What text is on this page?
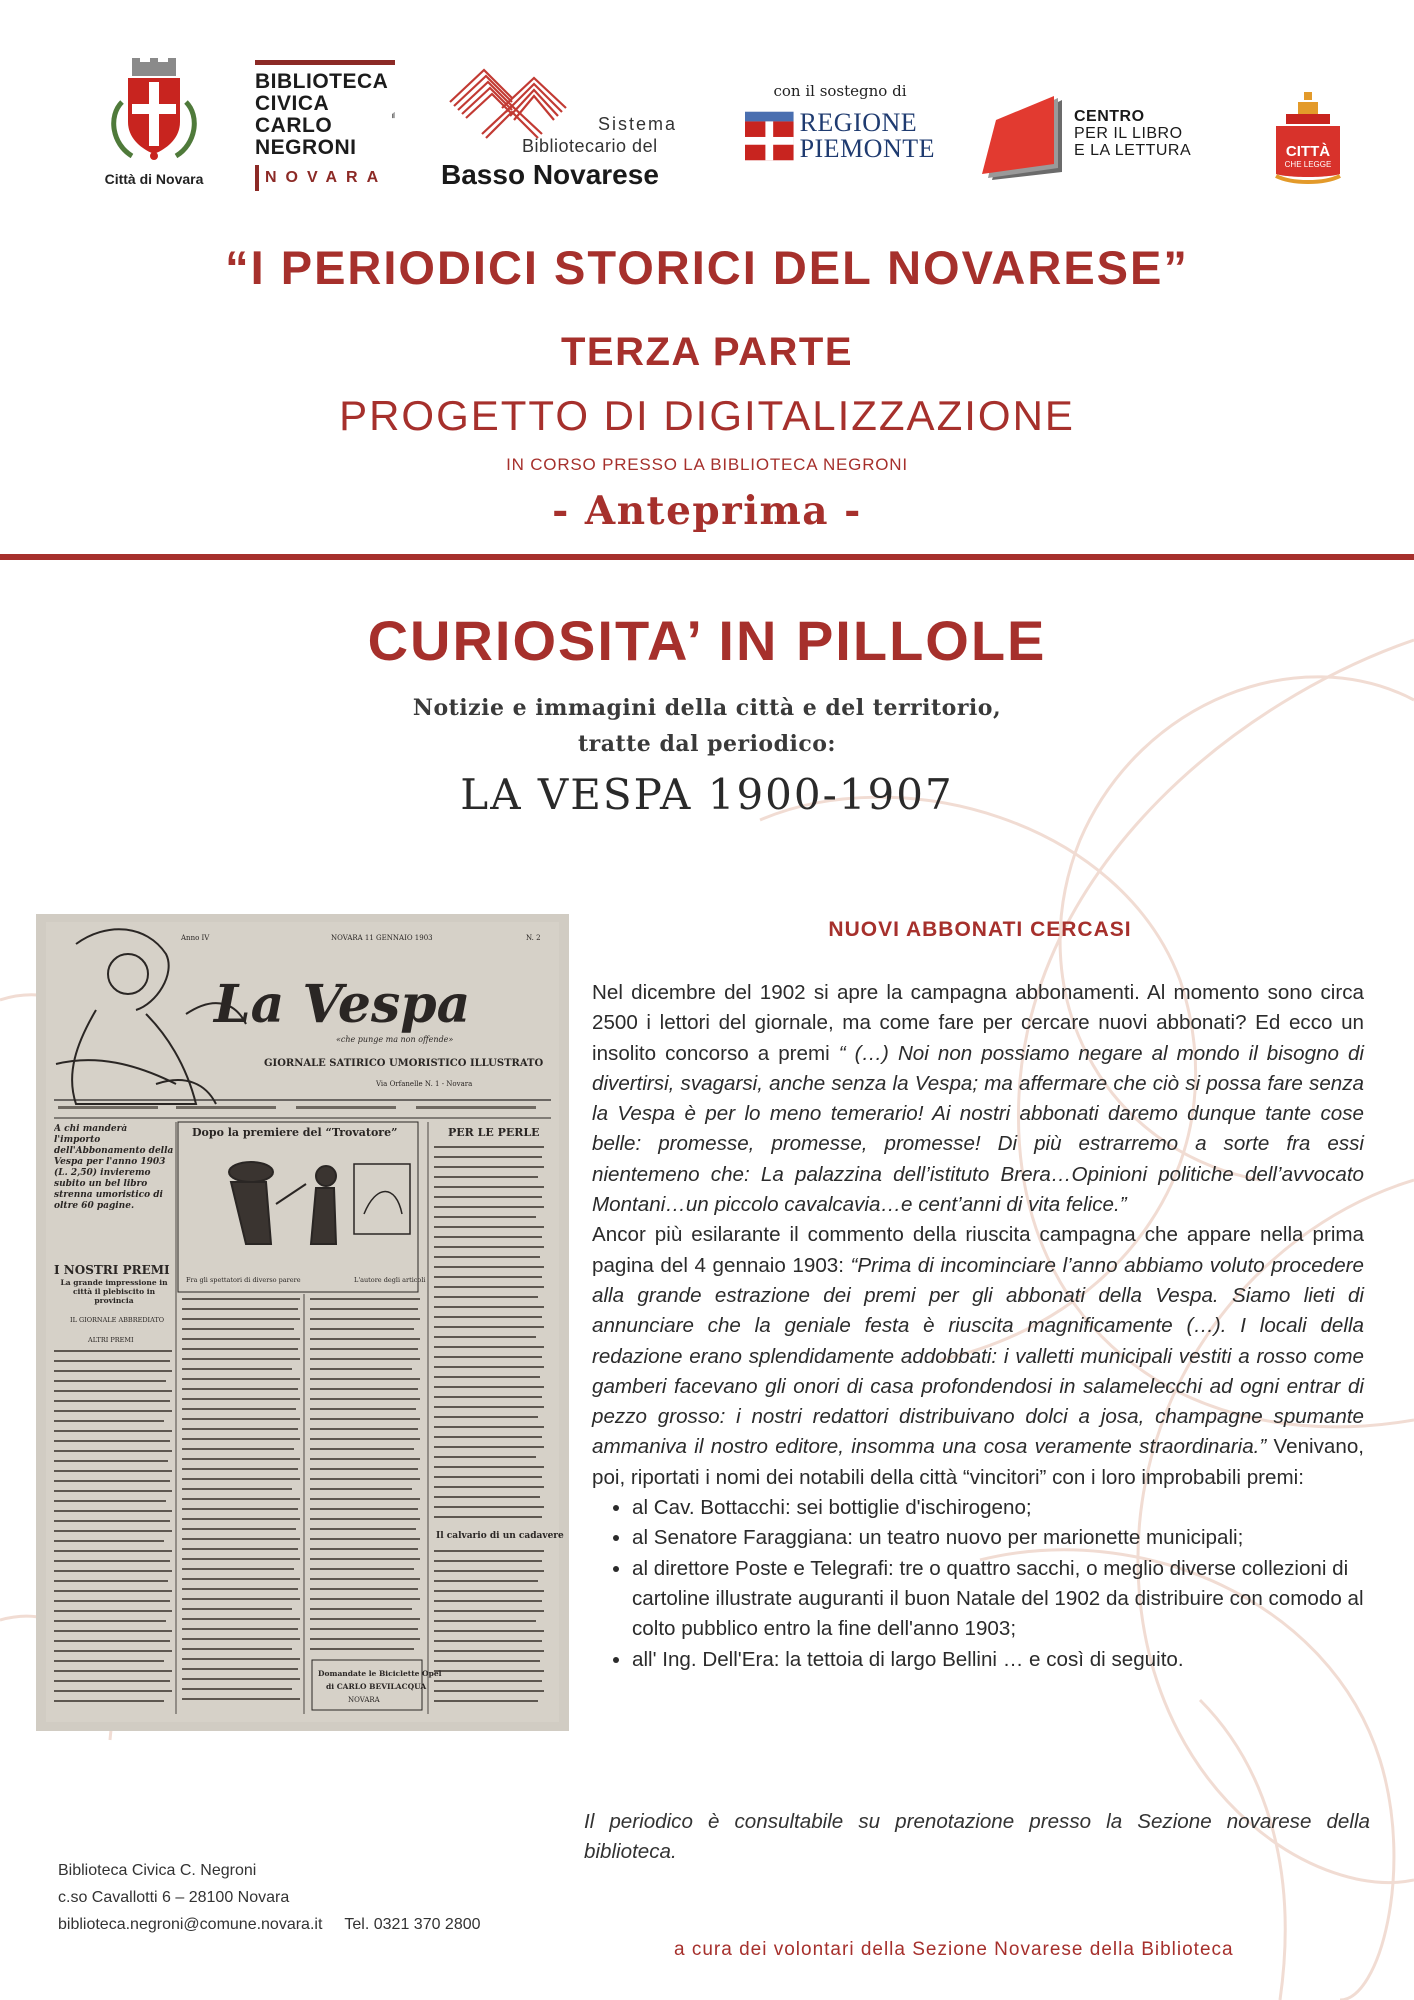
Città di Novara
BIBLIOTECA
CIVICA
CARLO
NEGRONI
NOVARA
Sistema
Bibliotecario del
Basso Novarese
con il sostegno di
REGIONE
PIEMONTE
CENTRO
PER IL LIBRO
E LA LETTURA	CITTÀ
CHE LEGGE
“I PERIODICI STORICI DEL NOVARESE”
TERZA PARTE
PROGETTO DI DIGITALIZZAZIONE
IN CORSO PRESSO LA BIBLIOTECA NEGRONI
- Anteprima -
CURIOSITA’ IN PILLOLE
Notizie e immagini della città e del territorio,
tratte dal periodico:
LA VESPA 1900-1907
Anno IV	NOVARA 11 GENNAIO 1903	N. 2
La Vespa
«che punge ma non offende»
GIORNALE SATIRICO UMORISTICO ILLUSTRATO
Via Orfanelle N. 1 - Novara
A chi manderà l'importo dell'Abbonamento della Vespa per l'anno 1903 (L. 2,50) invieremo subito un bel libro strenna umoristico di oltre 60 pagine.
Dopo la premiere del “Trovatore”
Fra gli spettatori di diverso parere	L'autore degli articoli
PER LE PERLE
I NOSTRI PREMI
La grande impressione in città il plebiscito in provincia
IL GIORNALE ABBREDIATO
ALTRI PREMI
Il calvario di un cadavere
Domandate le Biciclette Opel
di CARLO BEVILACQUA
NOVARA
NUOVI ABBONATI CERCASI

Nel dicembre del 1902 si apre la campagna abbonamenti. Al momento sono circa 2500 i lettori del giornale, ma come fare per cercare nuovi abbonati? Ed ecco un insolito concorso a premi “ (…) Noi non possiamo negare al mondo il bisogno di divertirsi, svagarsi, anche senza la Vespa; ma affermare che ciò si possa fare senza la Vespa è per lo meno temerario! Ai nostri abbonati daremo dunque tante cose belle: promesse, promesse, promesse! Di più estrarremo a sorte fra essi nientemeno che: La palazzina dell’istituto Brera…Opinioni politiche dell’avvocato Montani…un piccolo cavalcavia…e cent’anni di vita felice.”

Ancor più esilarante il commento della riuscita campagna che appare nella prima pagina del 4 gennaio 1903: “Prima di incominciare l’anno abbiamo voluto procedere alla grande estrazione dei premi per gli abbonati della Vespa. Siamo lieti di annunciare che la geniale festa è riuscita magnificamente (…). I locali della redazione erano splendidamente addobbati: i valletti municipali vestiti a rosso come gamberi facevano gli onori di casa profondendosi in salamelecchi ad ogni entrar di pezzo grosso: i nostri redattori distribuivano dolci a josa, champagne spumante ammaniva il nostro editore, insomma una cosa veramente straordinaria.” Venivano, poi, riportati i nomi dei notabili della città “vincitori” con i loro improbabili premi:

• al Cav. Bottacchi: sei bottiglie d'ischirogeno;
• al Senatore Faraggiana: un teatro nuovo per marionette municipali;
• al direttore Poste e Telegrafi: tre o quattro sacchi, o meglio diverse collezioni di cartoline illustrate auguranti il buon Natale del 1902 da distribuire con comodo al colto pubblico entro la fine dell'anno 1903;
• all' Ing. Dell'Era: la tettoia di largo Bellini … e così di seguito.
Il periodico è consultabile su prenotazione presso la Sezione novarese della biblioteca.
Biblioteca Civica C. Negroni
c.so Cavallotti 6 – 28100 Novara
biblioteca.negroni@comune.novara.it Tel. 0321 370 2800
a cura dei volontari della Sezione Novarese della Biblioteca
